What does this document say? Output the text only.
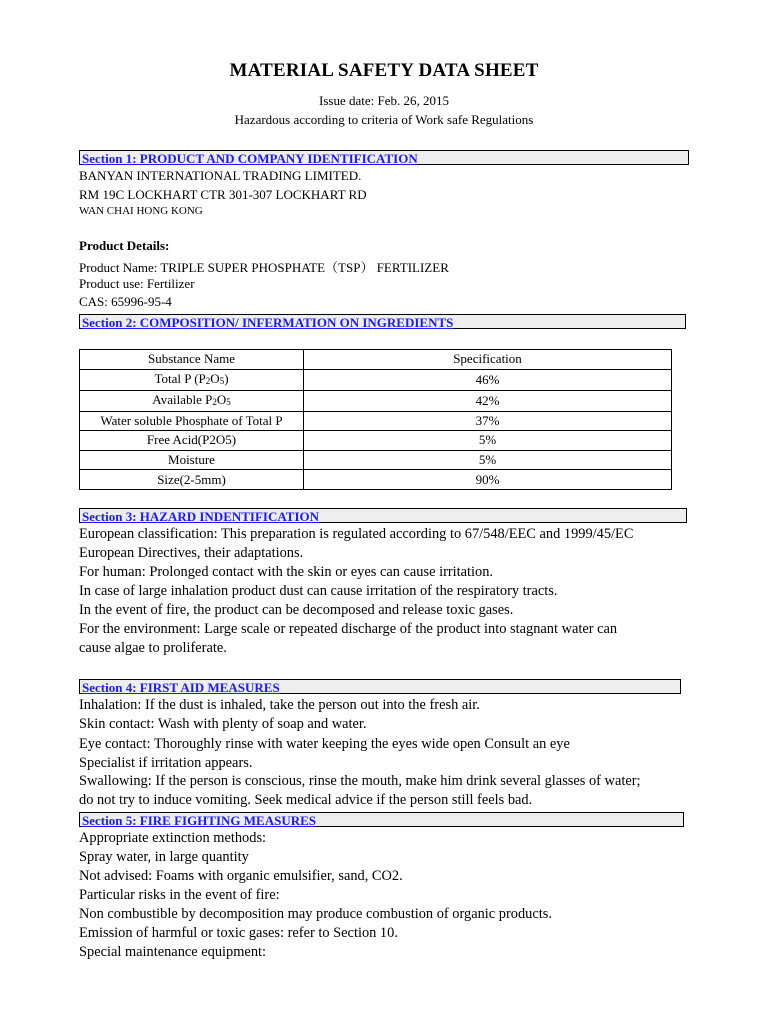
MATERIAL SAFETY DATA SHEET
Issue date: Feb. 26, 2015
Hazardous according to criteria of Work safe Regulations
Section 1: PRODUCT AND COMPANY IDENTIFICATION
BANYAN INTERNATIONAL TRADING LIMITED.
RM 19C LOCKHART CTR 301-307 LOCKHART RD
WAN CHAI HONG KONG
Product Details:
Product Name: TRIPLE SUPER PHOSPHATE（TSP） FERTILIZER
Product use: Fertilizer
CAS: 65996-95-4
Section 2: COMPOSITION/ INFERMATION ON INGREDIENTS
Substance Name	Specification
Total P $(P_2O_5)$	46%
Available $P_2O_5$	42%
Water soluble Phosphate of Total P	37%
Free Acid(P2O5)	5%
Moisture	5%
Size(2-5mm)	90%
Section 3: HAZARD INDENTIFICATION
European classification: This preparation is regulated according to 67/548/EEC and 1999/45/EC
European Directives, their adaptations.
For human: Prolonged contact with the skin or eyes can cause irritation.
In case of large inhalation product dust can cause irritation of the respiratory tracts.
In the event of fire, the product can be decomposed and release toxic gases.
For the environment: Large scale or repeated discharge of the product into stagnant water can
cause algae to proliferate.
Section 4: FIRST AID MEASURES
Inhalation: If the dust is inhaled, take the person out into the fresh air.
Skin contact: Wash with plenty of soap and water.
Eye contact: Thoroughly rinse with water keeping the eyes wide open Consult an eye
Specialist if irritation appears.
Swallowing: If the person is conscious, rinse the mouth, make him drink several glasses of water;
do not try to induce vomiting. Seek medical advice if the person still feels bad.
Section 5: FIRE FIGHTING MEASURES
Appropriate extinction methods:
Spray water, in large quantity
Not advised: Foams with organic emulsifier, sand, CO2.
Particular risks in the event of fire:
Non combustible by decomposition may produce combustion of organic products.
Emission of harmful or toxic gases: refer to Section 10.
Special maintenance equipment:
